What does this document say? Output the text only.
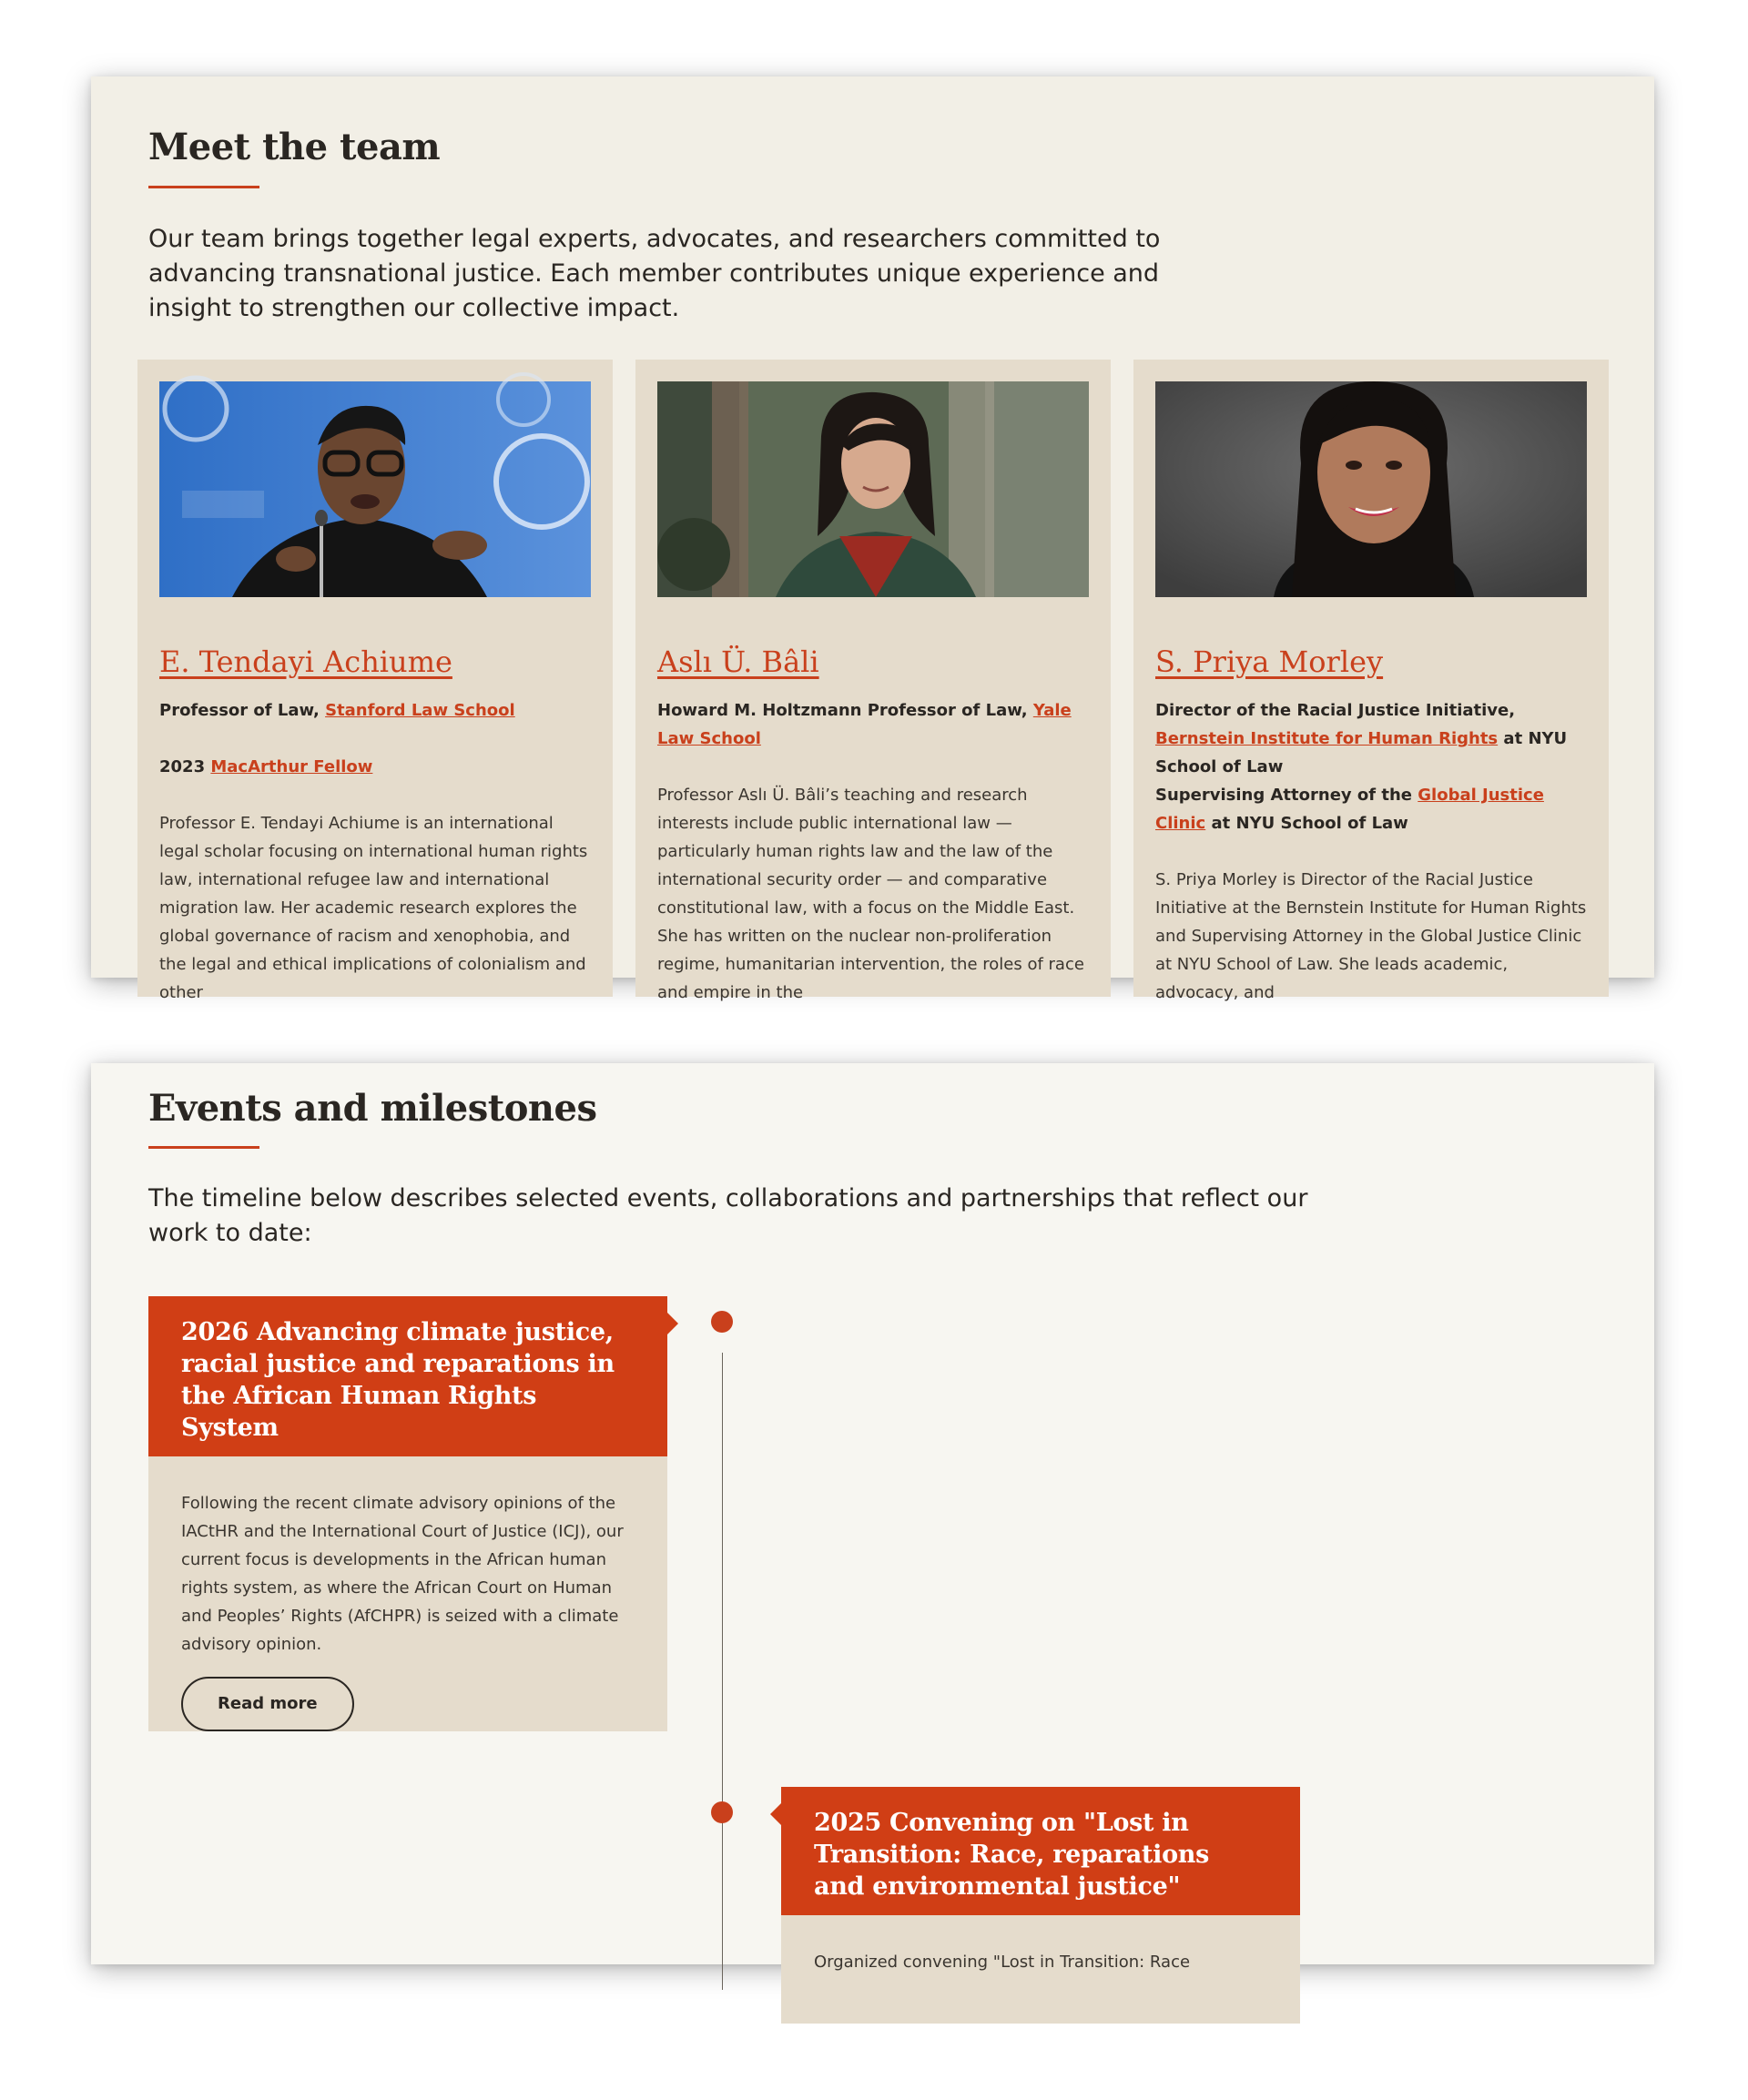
Meet the team

Our team brings together legal experts, advocates, and researchers committed to advancing transnational justice. Each member contributes unique experience and insight to strengthen our collective impact.

E. Tendayi Achiume

Professor of Law, Stanford Law School

2023 MacArthur Fellow

Professor E. Tendayi Achiume is an international legal scholar focusing on international human rights law, international refugee law and international migration law. Her academic research explores the global governance of racism and xenophobia, and the legal and ethical implications of colonialism and other

Aslı Ü. Bâli

Howard M. Holtzmann Professor of Law, Yale Law School

Professor Aslı Ü. Bâli’s teaching and research interests include public international law — particularly human rights law and the law of the international security order — and comparative constitutional law, with a focus on the Middle East. She has written on the nuclear non-proliferation regime, humanitarian intervention, the roles of race and empire in the

S. Priya Morley

Director of the Racial Justice Initiative, Bernstein Institute for Human Rights at NYU School of Law

Supervising Attorney of the Global Justice Clinic at NYU School of Law

S. Priya Morley is Director of the Racial Justice Initiative at the Bernstein Institute for Human Rights and Supervising Attorney in the Global Justice Clinic at NYU School of Law. She leads academic, advocacy, and

Events and milestones

The timeline below describes selected events, collaborations and partnerships that reflect our work to date:

2026 Advancing climate justice, racial justice and reparations in the African Human Rights System

Following the recent climate advisory opinions of the IACtHR and the International Court of Justice (ICJ), our current focus is developments in the African human rights system, as where the African Court on Human and Peoples’ Rights (AfCHPR) is seized with a climate advisory opinion.

Read more
2025 Convening on "Lost in Transition: Race, reparations and environmental justice"

Organized convening "Lost in Transition: Race
